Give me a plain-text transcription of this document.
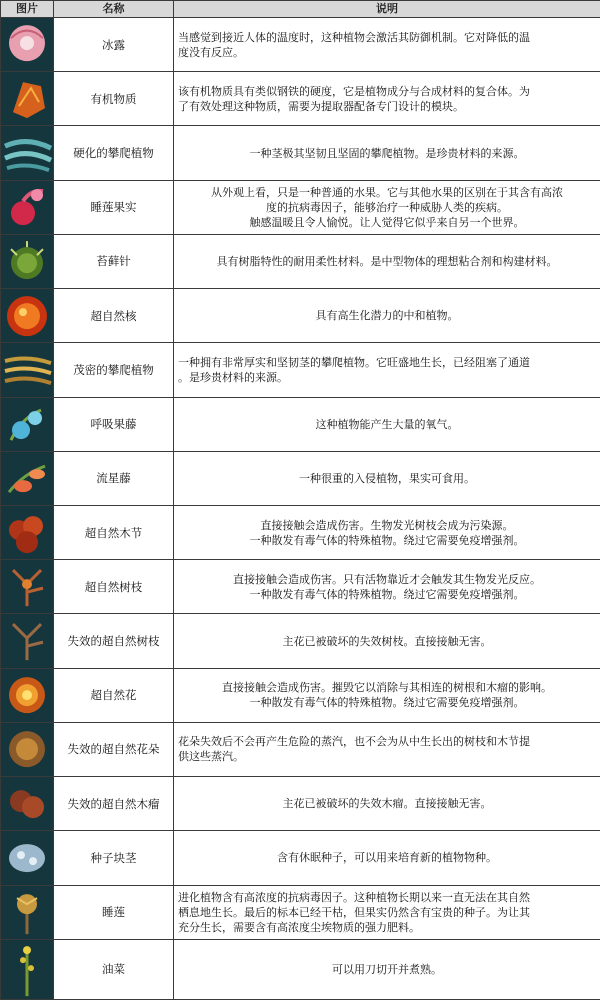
图片	名称	说明

	冰露	当感觉到接近人体的温度时，这种植物会激活其防御机制。它对降低的温
度没有反应。

	有机物质	该有机物质具有类似钢铁的硬度，它是植物成分与合成材料的复合体。为
了有效处理这种物质，需要为提取器配备专门设计的模块。

	硬化的攀爬植物	一种茎极其坚韧且坚固的攀爬植物。是珍贵材料的来源。

	睡莲果实	从外观上看，只是一种普通的水果。它与其他水果的区别在于其含有高浓
度的抗病毒因子，能够治疗一种威胁人类的疾病。
触感温暖且令人愉悦。让人觉得它似乎来自另一个世界。

	苔藓针	具有树脂特性的耐用柔性材料。是中型物体的理想粘合剂和构建材料。

	超自然核	具有高生化潜力的中和植物。

	茂密的攀爬植物	一种拥有非常厚实和坚韧茎的攀爬植物。它旺盛地生长，已经阻塞了通道
。是珍贵材料的来源。

	呼吸果藤	这种植物能产生大量的氧气。

	流星藤	一种很重的入侵植物，果实可食用。

	超自然木节	直接接触会造成伤害。生物发光树枝会成为污染源。
一种散发有毒气体的特殊植物。绕过它需要免疫增强剂。

	超自然树枝	直接接触会造成伤害。只有活物靠近才会触发其生物发光反应。
一种散发有毒气体的特殊植物。绕过它需要免疫增强剂。

	失效的超自然树枝	主花已被破坏的失效树枝。直接接触无害。

	超自然花	直接接触会造成伤害。摧毁它以消除与其相连的树根和木瘤的影响。
一种散发有毒气体的特殊植物。绕过它需要免疫增强剂。

	失效的超自然花朵	花朵失效后不会再产生危险的蒸汽，也不会为从中生长出的树枝和木节提
供这些蒸汽。

	失效的超自然木瘤	主花已被破坏的失效木瘤。直接接触无害。

	种子块茎	含有休眠种子，可以用来培育新的植物物种。

	睡莲	进化植物含有高浓度的抗病毒因子。这种植物长期以来一直无法在其自然
栖息地生长。最后的标本已经干枯，但果实仍然含有宝贵的种子。为让其
充分生长，需要含有高浓度尘埃物质的强力肥料。

	油菜	可以用刀切开并煮熟。
